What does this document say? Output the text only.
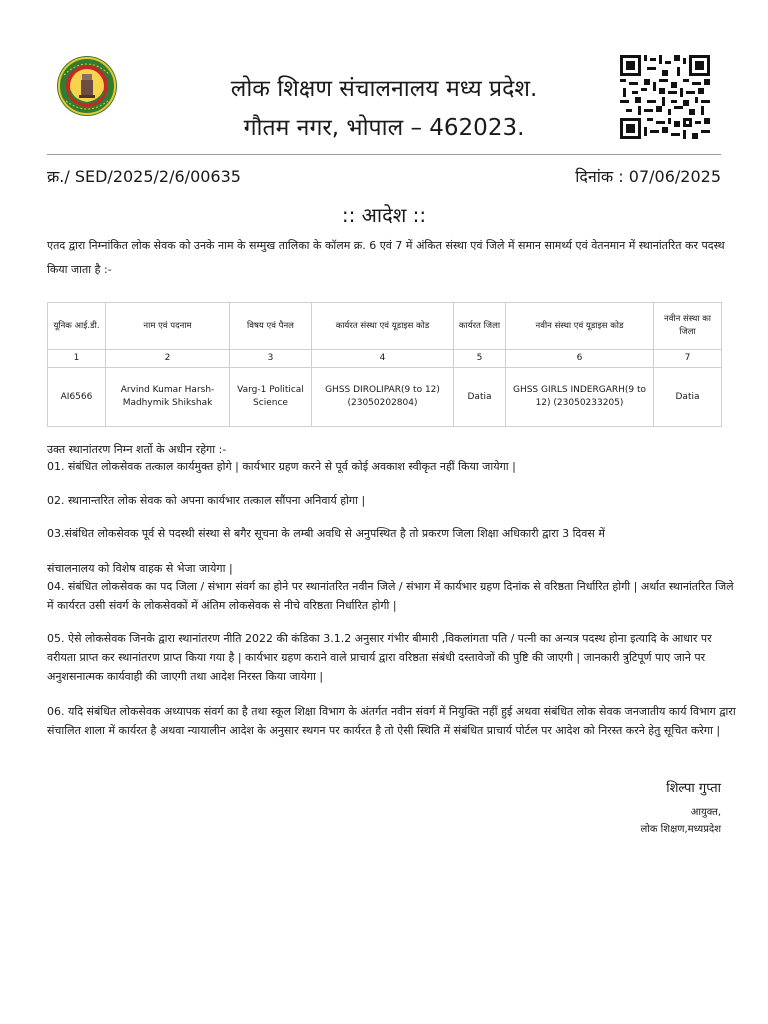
लोक शिक्षण संचालनालय मध्य प्रदेश.
गौतम नगर, भोपाल – 462023.
क्र./ SED/2025/2/6/00635	दिनांक : 07/06/2025
:: आदेश ::
एतद द्वारा निम्नांकित लोक सेवक को उनके नाम के सम्मुख तालिका के कॉलम क्र. 6 एवं 7 में अंकित संस्था एवं जिले में समान सामर्थ्य एवं वेतनमान में स्थानांतरित कर पदस्थ किया जाता है :-
यूनिक आई.डी.	नाम एवं पदनाम	विषय एवं पैनल	कार्यरत संस्था एवं यूडाइस कोड	कार्यरत जिला	नवीन संस्था एवं यूडाइस कोड	नवीन संस्था का जिला
1	2	3	4	5	6	7
AI6566	Arvind Kumar Harsh-Madhymik Shikshak	Varg-1 Political Science	GHSS DIROLIPAR(9 to 12)(23050202804)	Datia	GHSS GIRLS INDERGARH(9 to 12) (23050233205)	Datia
उक्त स्थानांतरण निम्न शर्तो के अधीन रहेगा :-
01. संबंधित लोकसेवक तत्काल कार्यमुक्त होगे | कार्यभार ग्रहण करने से पूर्व कोई अवकाश स्वीकृत नहीं किया जायेगा |
02. स्थानान्तरित लोक सेवक को अपना कार्यभार तत्काल सौंपना अनिवार्य होगा |
03.संबंधित लोकसेवक पूर्व से पदस्थी संस्था से बगैर सूचना के लम्बी अवधि से अनुपस्थित है तो प्रकरण जिला शिक्षा अधिकारी द्वारा 3 दिवस में
संचालनालय को विशेष वाहक से भेजा जायेगा |
04. संबंधित लोकसेवक का पद जिला / संभाग संवर्ग का होने पर स्थानांतरित नवीन जिले / संभाग में कार्यभार ग्रहण दिनांक से वरिष्ठता निर्धारित होगी | अर्थात स्थानांतरित जिले में कार्यरत उसी संवर्ग के लोकसेवकों में अंतिम लोकसेवक से नीचे वरिष्ठता निर्धारित होगी |
05. ऐसे लोकसेवक जिनके द्वारा स्थानांतरण नीति 2022 की कंडिका 3.1.2 अनुसार गंभीर बीमारी ,विकलांगता पति / पत्नी का अन्यत्र पदस्थ होना इत्यादि के आधार पर वरीयता प्राप्त कर स्थानांतरण प्राप्त किया गया है | कार्यभार ग्रहण कराने वाले प्राचार्य द्वारा वरिष्ठता संबंधी दस्तावेजों की पुष्टि की जाएगी | जानकारी त्रुटिपूर्ण पाए जाने पर अनुशसनात्मक कार्यवाही की जाएगी तथा आदेश निरस्त किया जायेगा |
06. यदि संबंधित लोकसेवक अध्यापक संवर्ग का है तथा स्कूल शिक्षा विभाग के अंतर्गत नवीन संवर्ग में नियुक्ति नहीं हुई अथवा संबंधित लोक सेवक जनजातीय कार्य विभाग द्वारा संचालित शाला में कार्यरत है अथवा न्यायालीन आदेश के अनुसार स्थगन पर कार्यरत है तो ऐसी स्थिति में संबंधित प्राचार्य पोर्टल पर आदेश को निरस्त करने हेतु सूचित करेगा |
शिल्पा गुप्ता
आयुक्त,
लोक शिक्षण,मध्यप्रदेश
